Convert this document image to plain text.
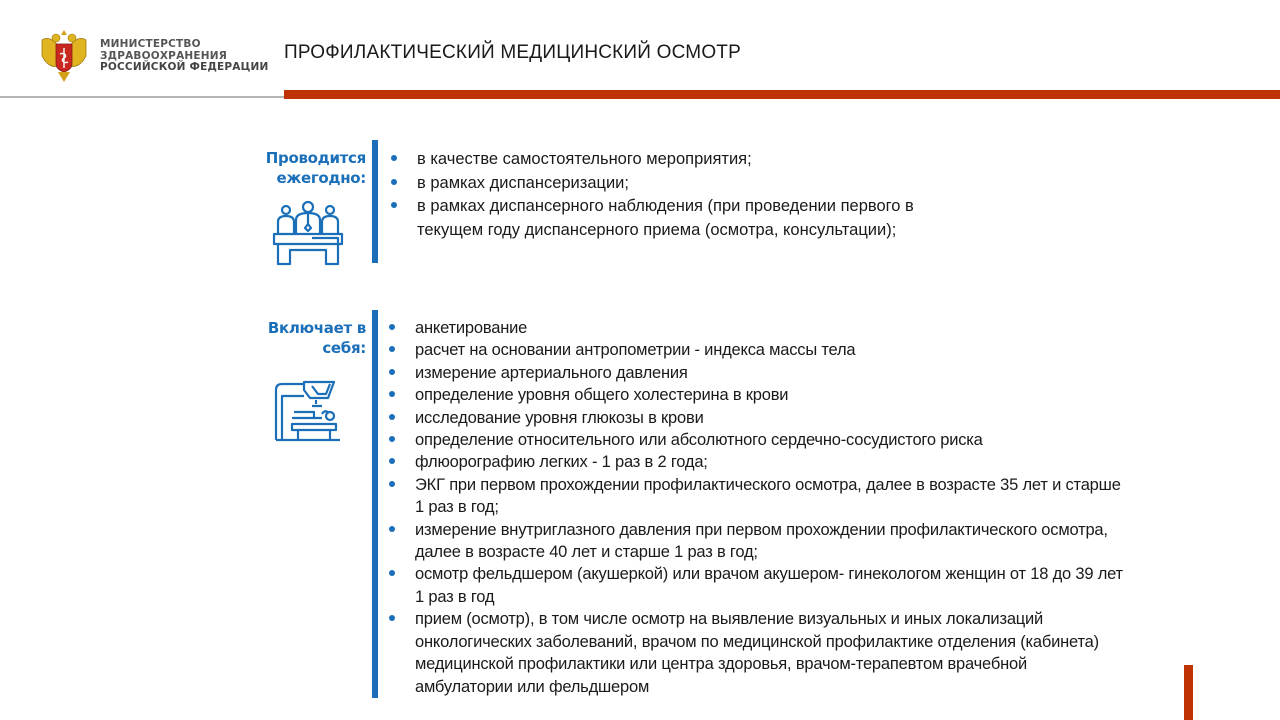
МИНИСТЕРСТВО
ЗДРАВООХРАНЕНИЯ
РОССИЙСКОЙ ФЕДЕРАЦИИ
ПРОФИЛАКТИЧЕСКИЙ МЕДИЦИНСКИЙ ОСМОТР
Проводится
ежегодно:
в качестве самостоятельного мероприятия;
в рамках диспансеризации;
в рамках диспансерного наблюдения (при проведении первого в текущем году диспансерного приема (осмотра, консультации);
Включает в
себя:
анкетирование
расчет на основании антропометрии - индекса массы тела
измерение артериального давления
определение уровня общего холестерина в крови
исследование уровня глюкозы в крови
определение относительного или абсолютного сердечно-сосудистого риска
флюорографию легких - 1 раз в 2 года;
ЭКГ при первом прохождении профилактического осмотра, далее в возрасте 35 лет и старше 1 раз в год;
измерение внутриглазного давления при первом прохождении профилактического осмотра, далее в возрасте 40 лет и старше 1 раз в год;
осмотр фельдшером (акушеркой) или врачом акушером- гинекологом женщин от 18 до 39 лет 1 раз в год
прием (осмотр), в том числе осмотр на выявление визуальных и иных локализаций онкологических заболеваний, врачом по медицинской профилактике отделения (кабинета) медицинской профилактики или центра здоровья, врачом-терапевтом врачебной амбулатории или фельдшером
